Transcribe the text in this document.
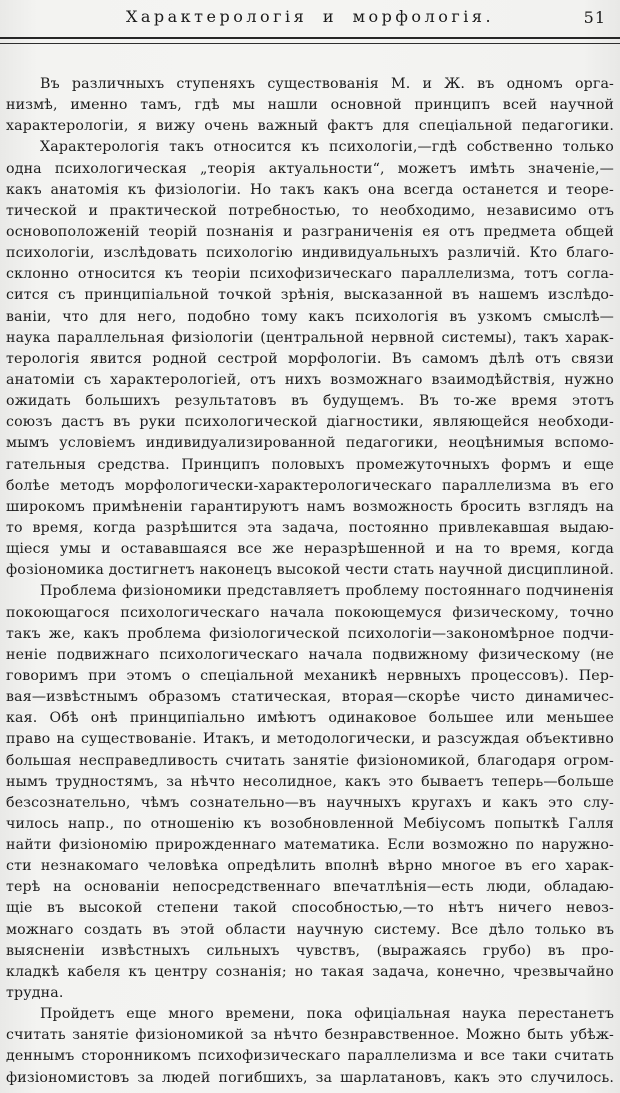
Характерологія и морфологія.	51
Въ различныхъ ступеняхъ существованія М. и Ж. въ одномъ орга-
низмѣ, именно тамъ, гдѣ мы нашли основной принципъ всей научной
характерологіи, я вижу очень важный фактъ для спеціальной педагогики.
Характерологія такъ относится къ психологіи,—гдѣ собственно только
одна психологическая „теорія актуальности“, можетъ имѣть значеніе,—
какъ анатомія къ физіологіи. Но такъ какъ она всегда останется и теоре-
тической и практической потребностью, то необходимо, независимо отъ
основоположеній теорій познанія и разграниченія ея отъ предмета общей
психологіи, изслѣдовать психологію индивидуальныхъ различій. Кто благо-
склонно относится къ теоріи психофизическаго параллелизма, тотъ согла-
сится съ принципіальной точкой зрѣнія, высказанной въ нашемъ изслѣдо-
ваніи, что для него, подобно тому какъ психологія въ узкомъ смыслѣ—
наука параллельная физіологіи (центральной нервной системы), такъ харак-
терологія явится родной сестрой морфологіи. Въ самомъ дѣлѣ отъ связи
анатоміи съ характерологіей, отъ нихъ возможнаго взаимодѣйствія, нужно
ожидать большихъ результатовъ въ будущемъ. Въ то-же время этотъ
союзъ дастъ въ руки психологической діагностики, являющейся необходи-
мымъ условіемъ индивидуализированной педагогики, неоцѣнимыя вспомо-
гательныя средства. Принципъ половыхъ промежуточныхъ формъ и еще
болѣе методъ морфологически-характерологическаго параллелизма въ его
широкомъ примѣненіи гарантируютъ намъ возможность бросить взглядъ на
то время, когда разрѣшится эта задача, постоянно привлекавшая выдаю-
щіеся умы и остававшаяся все же неразрѣшенной и на то время, когда
фозіономика достигнетъ наконецъ высокой чести стать научной дисциплиной.
Проблема физіономики представляетъ проблему постояннаго подчиненія
покоющагося психологическаго начала покоющемуся физическому, точно
такъ же, какъ проблема физіологической психологіи—закономѣрное подчи-
неніе подвижнаго психологическаго начала подвижному физическому (не
говоримъ при этомъ о спеціальной механикѣ нервныхъ процессовъ). Пер-
вая—извѣстнымъ образомъ статическая, вторая—скорѣе чисто динамичес-
кая. Обѣ онѣ принципіально имѣютъ одинаковое большее или меньшее
право на существованіе. Итакъ, и методологически, и разсуждая объективно
большая несправедливость считать занятіе физіономикой, благодаря огром-
нымъ трудностямъ, за нѣчто несолидное, какъ это бываетъ теперь—больше
безсознательно, чѣмъ сознательно—въ научныхъ кругахъ и какъ это слу-
чилось напр., по отношенію къ возобновленной Мебіусомъ попыткѣ Галля
найти физіономію прирожденнаго математика. Если возможно по наружно-
сти незнакомаго человѣка опредѣлить вполнѣ вѣрно многое въ его харак-
терѣ на основаніи непосредственнаго впечатлѣнія—есть люди, обладаю-
щіе въ высокой степени такой способностью,—то нѣтъ ничего невоз-
можнаго создать въ этой области научную систему. Все дѣло только въ
выясненіи извѣстныхъ сильныхъ чувствъ, (выражаясь грубо) въ про-
кладкѣ кабеля къ центру сознанія; но такая задача, конечно, чрезвычайно
трудна.
Пройдетъ еще много времени, пока офиціальная наука перестанетъ
считать занятіе физіономикой за нѣчто безнравственное. Можно быть убѣж-
деннымъ сторонникомъ психофизическаго параллелизма и все таки считать
физіономистовъ за людей погибшихъ, за шарлатановъ, какъ это случилось.
